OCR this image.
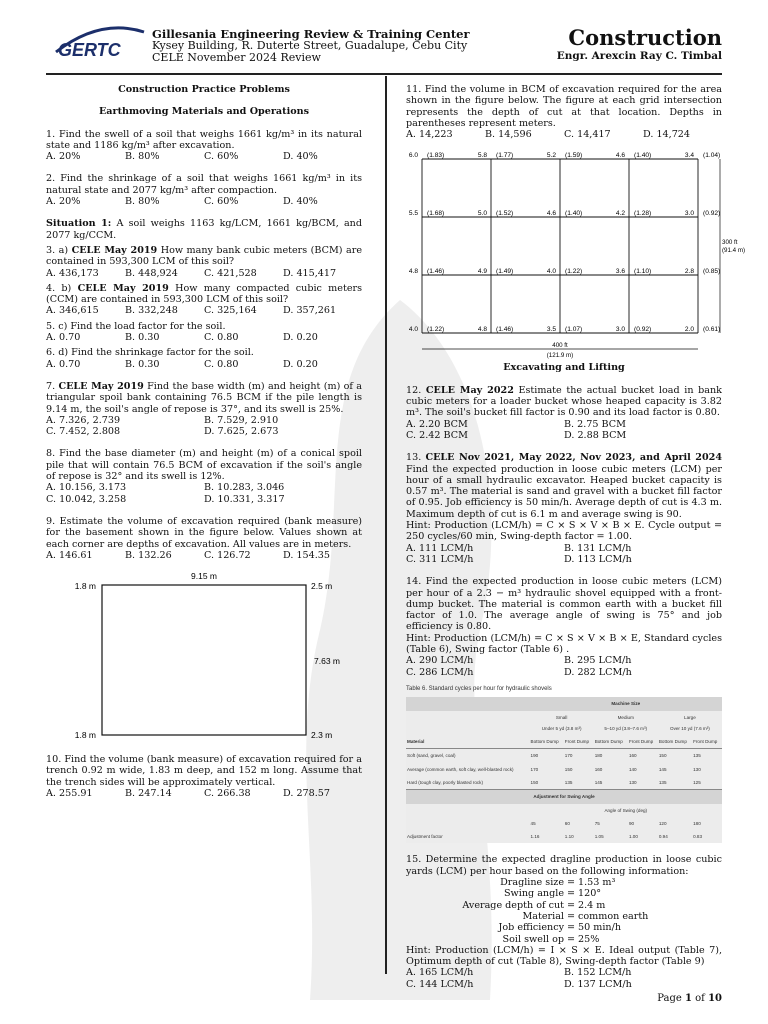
GERTC
Gillesania Engineering Review & Training Center
Kysey Building, R. Duterte Street, Guadalupe, Cebu City
CELE November 2024 Review
Construction
Engr. Arexcin Ray C. Timbal

Construction Practice Problems

Earthmoving Materials and Operations

1. Find the swell of a soil that weighs 1661 kg/m³ in its natural state and 1186 kg/m³ after excavation.

A. 20%	B. 80%	C. 60%	D. 40%

2. Find the shrinkage of a soil that weighs 1661 kg/m³ in its natural state and 2077 kg/m³ after compaction.

A. 20%	B. 80%	C. 60%	D. 40%

Situation 1: A soil weighs 1163 kg/LCM, 1661 kg/BCM, and 2077 kg/CCM.

3. a) CELE May 2019 How many bank cubic meters (BCM) are contained in 593,300 LCM of this soil?

A. 436,173	B. 448,924	C. 421,528	D. 415,417

4. b) CELE May 2019 How many compacted cubic meters (CCM) are contained in 593,300 LCM of this soil?

A. 346,615	B. 332,248	C. 325,164	D. 357,261

5. c) Find the load factor for the soil.

A. 0.70	B. 0.30	C. 0.80	D. 0.20

6. d) Find the shrinkage factor for the soil.

A. 0.70	B. 0.30	C. 0.80	D. 0.20

7. CELE May 2019 Find the base width (m) and height (m) of a triangular spoil bank containing 76.5 BCM if the pile length is 9.14 m, the soil's angle of repose is 37°, and its swell is 25%.

A. 7.326, 2.739	B. 7.529, 2.910
C. 7.452, 2.808	D. 7.625, 2.673

8. Find the base diameter (m) and height (m) of a conical spoil pile that will contain 76.5 BCM of excavation if the soil's angle of repose is 32° and its swell is 12%.

A. 10.156, 3.173	B. 10.283, 3.046
C. 10.042, 3.258	D. 10.331, 3.317

9. Estimate the volume of excavation required (bank measure) for the basement shown in the figure below. Values shown at each corner are depths of excavation. All values are in meters.

A. 146.61	B. 132.26	C. 126.72	D. 154.35
9.15 m
1.8 m	2.5 m
1.8 m	2.3 m
7.63 m

10. Find the volume (bank measure) of excavation required for a trench 0.92 m wide, 1.83 m deep, and 152 m long. Assume that the trench sides will be approximately vertical.

A. 255.91	B. 247.14	C. 266.38	D. 278.57

11. Find the volume in BCM of excavation required for the area shown in the figure below. The figure at each grid intersection represents the depth of cut at that location. Depths in parentheses represent meters.

A. 14,223	B. 14,596	C. 14,417	D. 14,724
6.0 (1.83)	5.8 (1.77)	5.2 (1.59)	4.6 (1.40)	3.4 (1.04)
5.5 (1.68)	5.0 (1.52)	4.6 (1.40)	4.2 (1.28)	3.0 (0.92)
4.8 (1.46)	4.9 (1.49)	4.0 (1.22)	3.6 (1.10)	2.8 (0.85)
4.0 (1.22)	4.8 (1.46)	3.5 (1.07)	3.0 (0.92)	2.0 (0.61)
300 ft
(91.4 m)
400 ft
(121.9 m)

Excavating and Lifting

12. CELE May 2022 Estimate the actual bucket load in bank cubic meters for a loader bucket whose heaped capacity is 3.82 m³. The soil's bucket fill factor is 0.90 and its load factor is 0.80.

A. 2.20 BCM	B. 2.75 BCM
C. 2.42 BCM	D. 2.88 BCM

13. CELE Nov 2021, May 2022, Nov 2023, and April 2024 Find the expected production in loose cubic meters (LCM) per hour of a small hydraulic excavator. Heaped bucket capacity is 0.57 m³. The material is sand and gravel with a bucket fill factor of 0.95. Job efficiency is 50 min/h. Average depth of cut is 4.3 m. Maximum depth of cut is 6.1 m and average swing is 90.

Hint: Production (LCM/h) = C × S × V × B × E. Cycle output = 250 cycles/60 min, Swing-depth factor = 1.00.

A. 111 LCM/h	B. 131 LCM/h
C. 311 LCM/h	D. 113 LCM/h

14. Find the expected production in loose cubic meters (LCM) per hour of a 2.3 − m³ hydraulic shovel equipped with a front-dump bucket. The material is common earth with a bucket fill factor of 1.0. The average angle of swing is 75° and job efficiency is 0.80.

Hint: Production (LCM/h) = C × S × V × B × E, Standard cycles (Table 6), Swing factor (Table 6) .

A. 290 LCM/h	B. 295 LCM/h
C. 286 LCM/h	D. 282 LCM/h
Table 6. Standard cycles per hour for hydraulic shovels
	Machine Size					
	Small
Under 5 yd (3.8 m³)		Medium
5–10 yd (3.8–7.6 m³)		Large
Over 10 yd (7.6 m³)	
Material	Bottom Dump	Front Dump	Bottom Dump	Front Dump	Bottom Dump	Front Dump
Soft (sand, gravel, coal)	190	170	180	160	150	135
Average (common earth, soft clay, well-blasted rock)	170	150	160	140	145	130
Hard (tough clay, poorly blasted rock)	150	135	145	130	135	125
Adjustment for Swing Angle						
	Angle of Swing (deg)					
	45	60	75	90	120	180
Adjustment factor	1.16	1.10	1.05	1.00	0.94	0.83

15. Determine the expected dragline production in loose cubic yards (LCM) per hour based on the following information:

Dragline size = 1.53 m³
Swing angle = 120°
Average depth of cut = 2.4 m
Material = common earth
Job efficiency = 50 min/h
Soil swell op = 25%

Hint: Production (LCM/h) = I × S × E. Ideal output (Table 7), Optimum depth of cut (Table 8), Swing-depth factor (Table 9)

A. 165 LCM/h	B. 152 LCM/h
C. 144 LCM/h	D. 137 LCM/h
Page 1 of 10
